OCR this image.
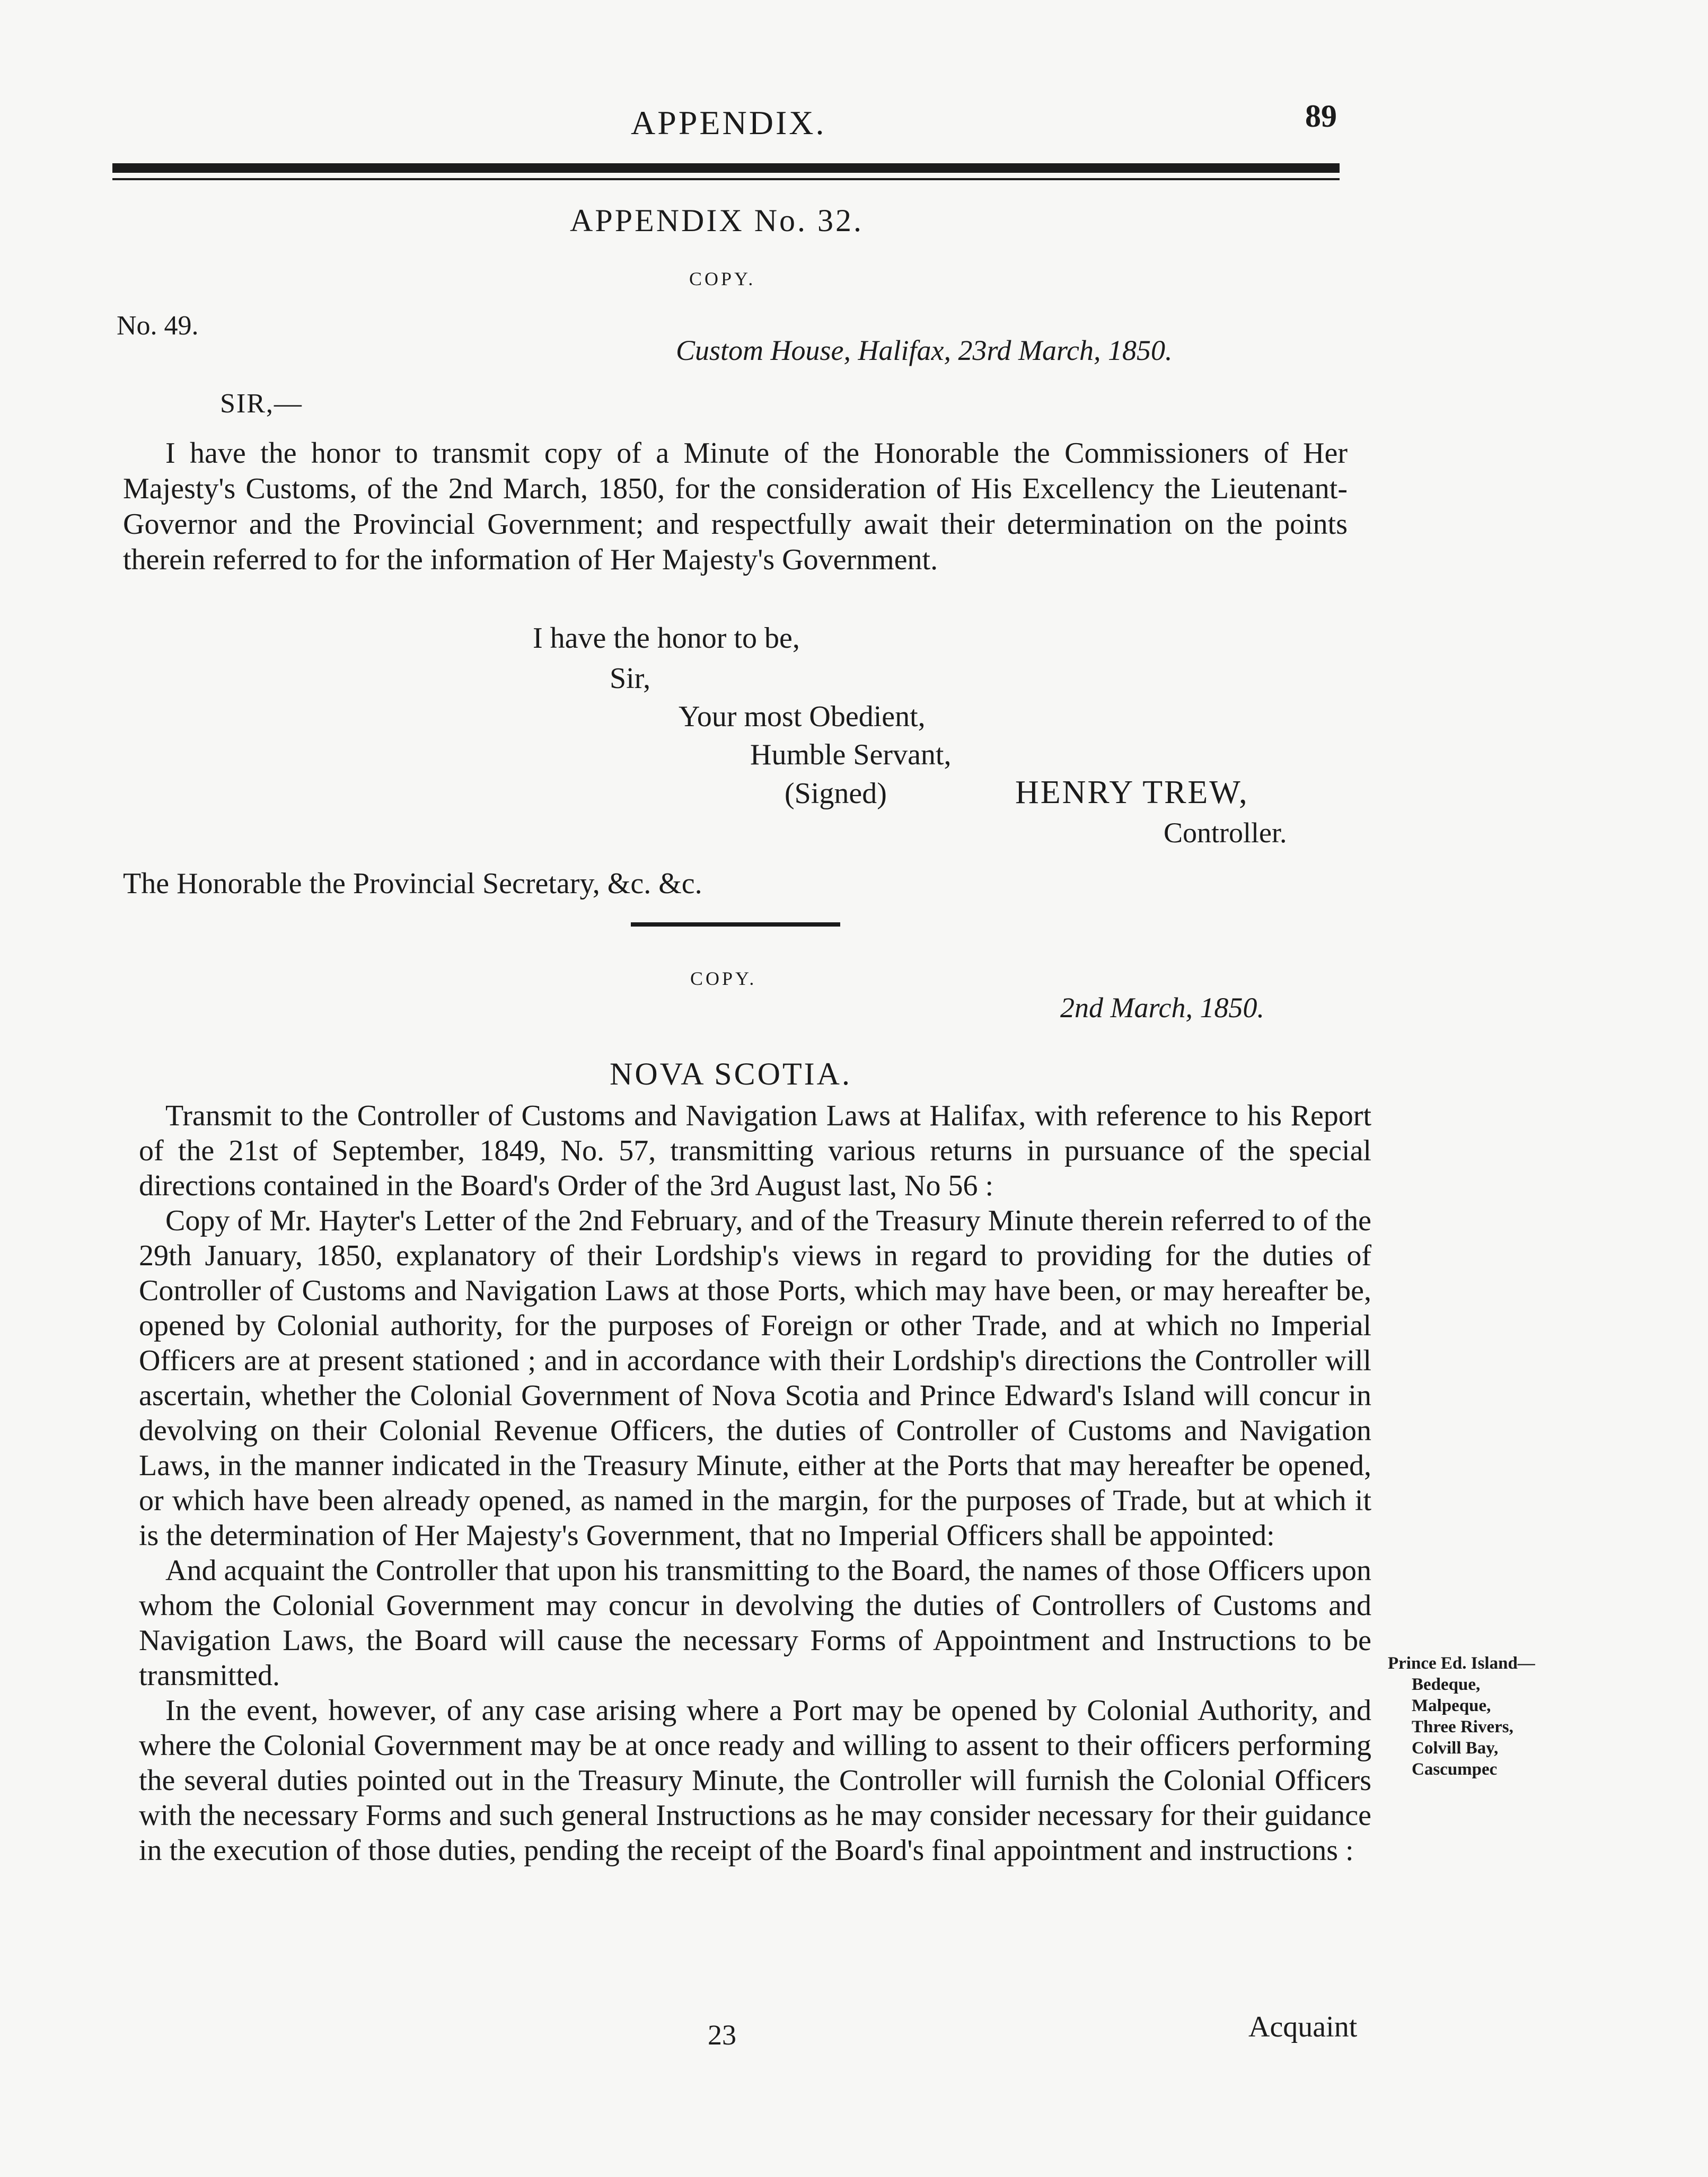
APPENDIX.	89
APPENDIX No. 32.
COPY.
No. 49.
Custom House, Halifax, 23rd March, 1850.
SIR,—
I have the honor to transmit copy of a Minute of the Honorable the Commissioners of Her Majesty's Customs, of the 2nd March, 1850, for the consideration of His Excellency the Lieutenant-Governor and the Provincial Government; and respectfully await their determination on the points therein referred to for the information of Her Majesty's Government.
I have the honor to be,
Sir,
Your most Obedient,
Humble Servant,
(Signed)	HENRY TREW,
Controller.
The Honorable the Provincial Secretary, &c. &c.
COPY.
2nd March, 1850.
NOVA SCOTIA.

Transmit to the Controller of Customs and Navigation Laws at Halifax, with reference to his Report of the 21st of September, 1849, No. 57, transmitting various returns in pursuance of the special directions contained in the Board's Order of the 3rd August last, No 56 :

Copy of Mr. Hayter's Letter of the 2nd February, and of the Treasury Minute therein referred to of the 29th January, 1850, explanatory of their Lordship's views in regard to providing for the duties of Controller of Customs and Navigation Laws at those Ports, which may have been, or may hereafter be, opened by Colonial authority, for the purposes of Foreign or other Trade, and at which no Imperial Officers are at present stationed ; and in accordance with their Lordship's directions the Controller will ascertain, whether the Colonial Government of Nova Scotia and Prince Edward's Island will concur in devolving on their Colonial Revenue Officers, the duties of Controller of Customs and Navigation Laws, in the manner indicated in the Treasury Minute, either at the Ports that may hereafter be opened, or which have been already opened, as named in the margin, for the purposes of Trade, but at which it is the determination of Her Majesty's Government, that no Imperial Officers shall be appointed:

And acquaint the Controller that upon his transmitting to the Board, the names of those Officers upon whom the Colonial Government may concur in devolving the duties of Controllers of Customs and Navigation Laws, the Board will cause the necessary Forms of Appointment and Instructions to be transmitted.

In the event, however, of any case arising where a Port may be opened by Colonial Authority, and where the Colonial Government may be at once ready and willing to assent to their officers performing the several duties pointed out in the Treasury Minute, the Controller will furnish the Colonial Officers with the necessary Forms and such general Instructions as he may consider necessary for their guidance in the execution of those duties, pending the receipt of the Board's final appointment and instructions :

Prince Ed. Island—
Bedeque,
Malpeque,
Three Rivers,
Colvill Bay,
Cascumpec
23	Acquaint
